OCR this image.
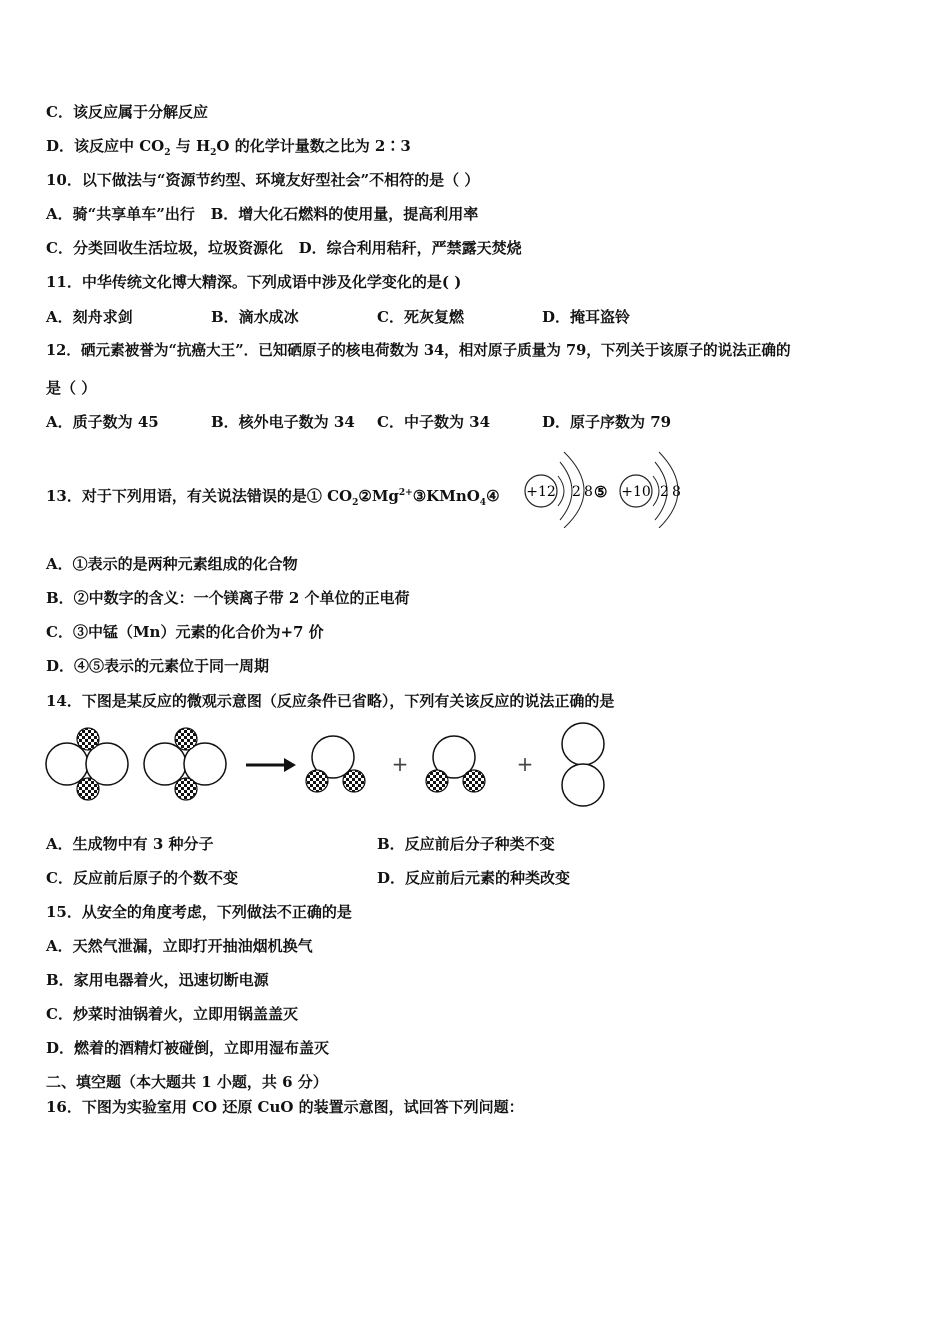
C．该反应属于分解反应
D．该反应中 $CO_2$ 与 $H_2O$ 的化学计量数之比为 2∶3
10．以下做法与“资源节约型、环境友好型社会”不相符的是（ ）
A．骑“共享单车”出行 B．增大化石燃料的使用量，提高利用率
C．分类回收生活垃圾，垃圾资源化 D．综合利用秸秆，严禁露天焚烧
11．中华传统文化博大精深。下列成语中涉及化学变化的是( )
A．刻舟求剑	B．滴水成冰	C．死灰复燃	D．掩耳盗铃
12．硒元素被誉为“抗癌大王”．已知硒原子的核电荷数为 34，相对原子质量为 79，下列关于该原子的说法正确的
是（ ）
A．质子数为 45	B．核外电子数为 34 C．中子数为 34	D．原子序数为 79
13．对于下列用语，有关说法错误的是① $CO_2②Mg^{2+}③KMnO_4④ +12$ 2 8 ⑤ +10 2 8
A．①表示的是两种元素组成的化合物
B．②中数字的含义：一个镁离子带 2 个单位的正电荷
C．③中锰（Mn）元素的化合价为+7 价
D．④⑤表示的元素位于同一周期
14．下图是某反应的微观示意图（反应条件已省略），下列有关该反应的说法正确的是
+	+
A．生成物中有 3 种分子	B．反应前后分子种类不变
C．反应前后原子的个数不变	D．反应前后元素的种类改变
15．从安全的角度考虑，下列做法不正确的是
A．天然气泄漏，立即打开抽油烟机换气
B．家用电器着火，迅速切断电源
C．炒菜时油锅着火，立即用锅盖盖灭
D．燃着的酒精灯被碰倒，立即用湿布盖灭
二、填空题（本大题共 1 小题，共 6 分）
16．下图为实验室用 CO 还原 CuO 的装置示意图，试回答下列问题：
